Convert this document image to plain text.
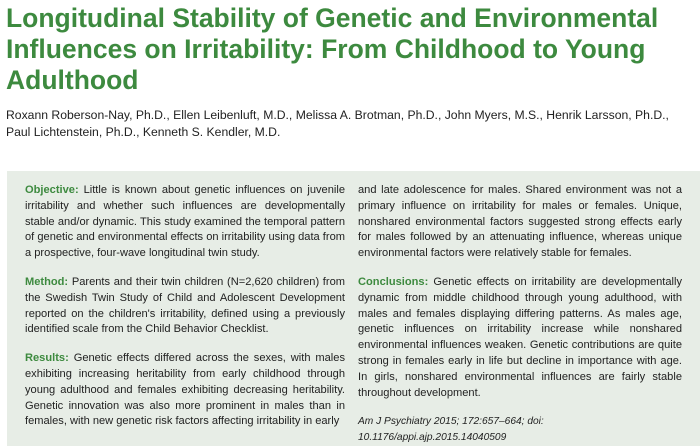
Longitudinal Stability of Genetic and Environmental Influences on Irritability: From Childhood to Young Adulthood

Roxann Roberson-Nay, Ph.D., Ellen Leibenluft, M.D., Melissa A. Brotman, Ph.D., John Myers, M.S., Henrik Larsson, Ph.D., Paul Lichtenstein, Ph.D., Kenneth S. Kendler, M.D.

Objective: Little is known about genetic influences on juvenile irritability and whether such influences are developmentally stable and/or dynamic. This study examined the temporal pattern of genetic and environmental effects on irritability using data from a prospective, four-wave longitudinal twin study.

Method: Parents and their twin children (N=2,620 children) from the Swedish Twin Study of Child and Adolescent Development reported on the children's irritability, defined using a previously identified scale from the Child Behavior Checklist.

Results: Genetic effects differed across the sexes, with males exhibiting increasing heritability from early childhood through young adulthood and females exhibiting decreasing heritability. Genetic innovation was also more prominent in males than in females, with new genetic risk factors affecting irritability in early

and late adolescence for males. Shared environment was not a primary influence on irritability for males or females. Unique, nonshared environmental factors suggested strong effects early for males followed by an attenuating influence, whereas unique environmental factors were relatively stable for females.

Conclusions: Genetic effects on irritability are developmentally dynamic from middle childhood through young adulthood, with males and females displaying differing patterns. As males age, genetic influences on irritability increase while nonshared environmental influences weaken. Genetic contributions are quite strong in females early in life but decline in importance with age. In girls, nonshared environmental influences are fairly stable throughout development.

Am J Psychiatry 2015; 172:657–664; doi: 10.1176/appi.ajp.2015.14040509
